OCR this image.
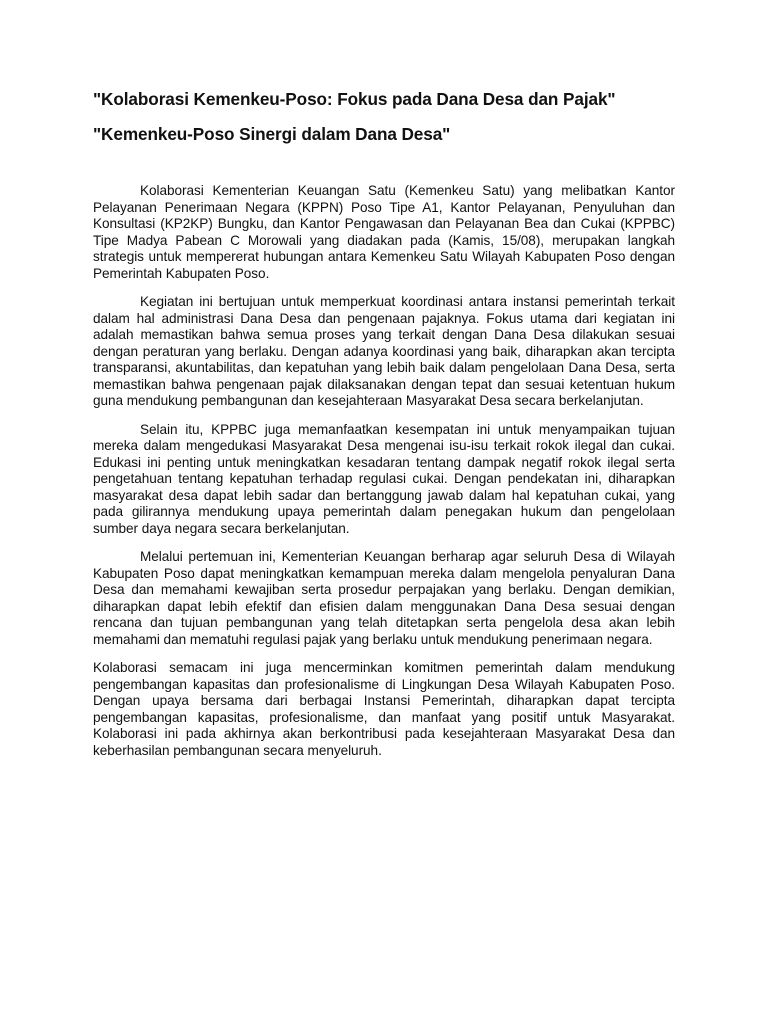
"Kolaborasi Kemenkeu-Poso: Fokus pada Dana Desa dan Pajak"
"Kemenkeu-Poso Sinergi dalam Dana Desa"

Kolaborasi Kementerian Keuangan Satu (Kemenkeu Satu) yang melibatkan Kantor Pelayanan Penerimaan Negara (KPPN) Poso Tipe A1, Kantor Pelayanan, Penyuluhan dan Konsultasi (KP2KP) Bungku, dan Kantor Pengawasan dan Pelayanan Bea dan Cukai (KPPBC) Tipe Madya Pabean C Morowali yang diadakan pada (Kamis, 15/08), merupakan langkah strategis untuk mempererat hubungan antara Kemenkeu Satu Wilayah Kabupaten Poso dengan Pemerintah Kabupaten Poso.

Kegiatan ini bertujuan untuk memperkuat koordinasi antara instansi pemerintah terkait dalam hal administrasi Dana Desa dan pengenaan pajaknya. Fokus utama dari kegiatan ini adalah memastikan bahwa semua proses yang terkait dengan Dana Desa dilakukan sesuai dengan peraturan yang berlaku. Dengan adanya koordinasi yang baik, diharapkan akan tercipta transparansi, akuntabilitas, dan kepatuhan yang lebih baik dalam pengelolaan Dana Desa, serta memastikan bahwa pengenaan pajak dilaksanakan dengan tepat dan sesuai ketentuan hukum guna mendukung pembangunan dan kesejahteraan Masyarakat Desa secara berkelanjutan.

Selain itu, KPPBC juga memanfaatkan kesempatan ini untuk menyampaikan tujuan mereka dalam mengedukasi Masyarakat Desa mengenai isu-isu terkait rokok ilegal dan cukai. Edukasi ini penting untuk meningkatkan kesadaran tentang dampak negatif rokok ilegal serta pengetahuan tentang kepatuhan terhadap regulasi cukai. Dengan pendekatan ini, diharapkan masyarakat desa dapat lebih sadar dan bertanggung jawab dalam hal kepatuhan cukai, yang pada gilirannya mendukung upaya pemerintah dalam penegakan hukum dan pengelolaan sumber daya negara secara berkelanjutan.

Melalui pertemuan ini, Kementerian Keuangan berharap agar seluruh Desa di Wilayah Kabupaten Poso dapat meningkatkan kemampuan mereka dalam mengelola penyaluran Dana Desa dan memahami kewajiban serta prosedur perpajakan yang berlaku. Dengan demikian, diharapkan dapat lebih efektif dan efisien dalam menggunakan Dana Desa sesuai dengan rencana dan tujuan pembangunan yang telah ditetapkan serta pengelola desa akan lebih memahami dan mematuhi regulasi pajak yang berlaku untuk mendukung penerimaan negara.

Kolaborasi semacam ini juga mencerminkan komitmen pemerintah dalam mendukung pengembangan kapasitas dan profesionalisme di Lingkungan Desa Wilayah Kabupaten Poso. Dengan upaya bersama dari berbagai Instansi Pemerintah, diharapkan dapat tercipta pengembangan kapasitas, profesionalisme, dan manfaat yang positif untuk Masyarakat. Kolaborasi ini pada akhirnya akan berkontribusi pada kesejahteraan Masyarakat Desa dan keberhasilan pembangunan secara menyeluruh.
